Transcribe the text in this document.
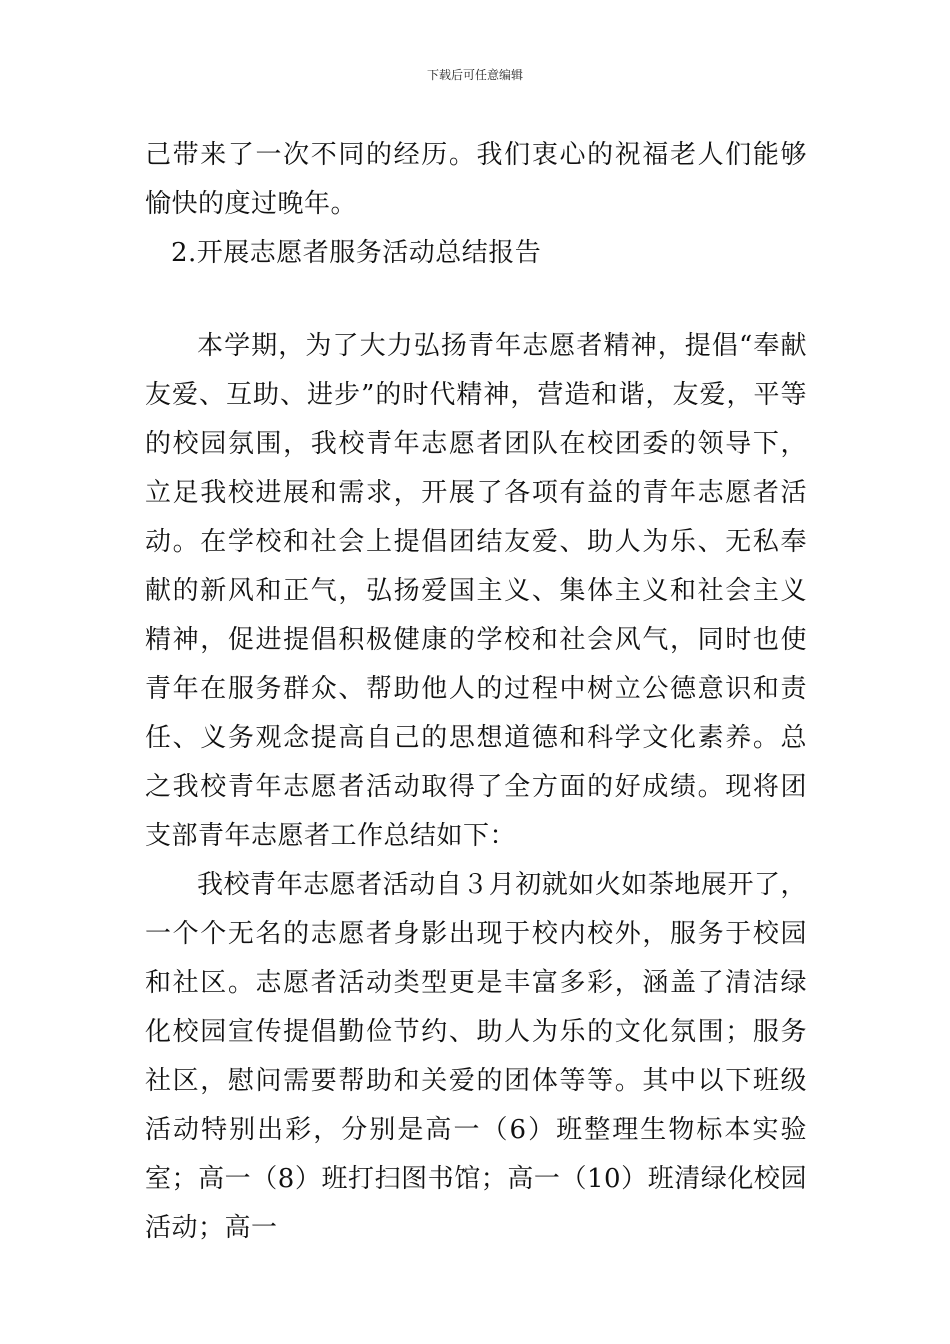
下载后可任意编辑

己带来了一次不同的经历。我们衷心的祝福老人们能够愉快的度过晚年。

2.开展志愿者服务活动总结报告

本学期，为了大力弘扬青年志愿者精神，提倡“奉献友爱、互助、进步”的时代精神，营造和谐，友爱，平等的校园氛围，我校青年志愿者团队在校团委的领导下，立足我校进展和需求，开展了各项有益的青年志愿者活动。在学校和社会上提倡团结友爱、助人为乐、无私奉献的新风和正气，弘扬爱国主义、集体主义和社会主义精神，促进提倡积极健康的学校和社会风气，同时也使青年在服务群众、帮助他人的过程中树立公德意识和责任、义务观念提高自己的思想道德和科学文化素养。总之我校青年志愿者活动取得了全方面的好成绩。现将团支部青年志愿者工作总结如下：

我校青年志愿者活动自３月初就如火如荼地展开了，一个个无名的志愿者身影出现于校内校外，服务于校园和社区。志愿者活动类型更是丰富多彩，涵盖了清洁绿化校园宣传提倡勤俭节约、助人为乐的文化氛围；服务社区，慰问需要帮助和关爱的团体等等。其中以下班级活动特别出彩，分别是高一（6）班整理生物标本实验室；高一（8）班打扫图书馆；高一（10）班清绿化校园活动；高一
